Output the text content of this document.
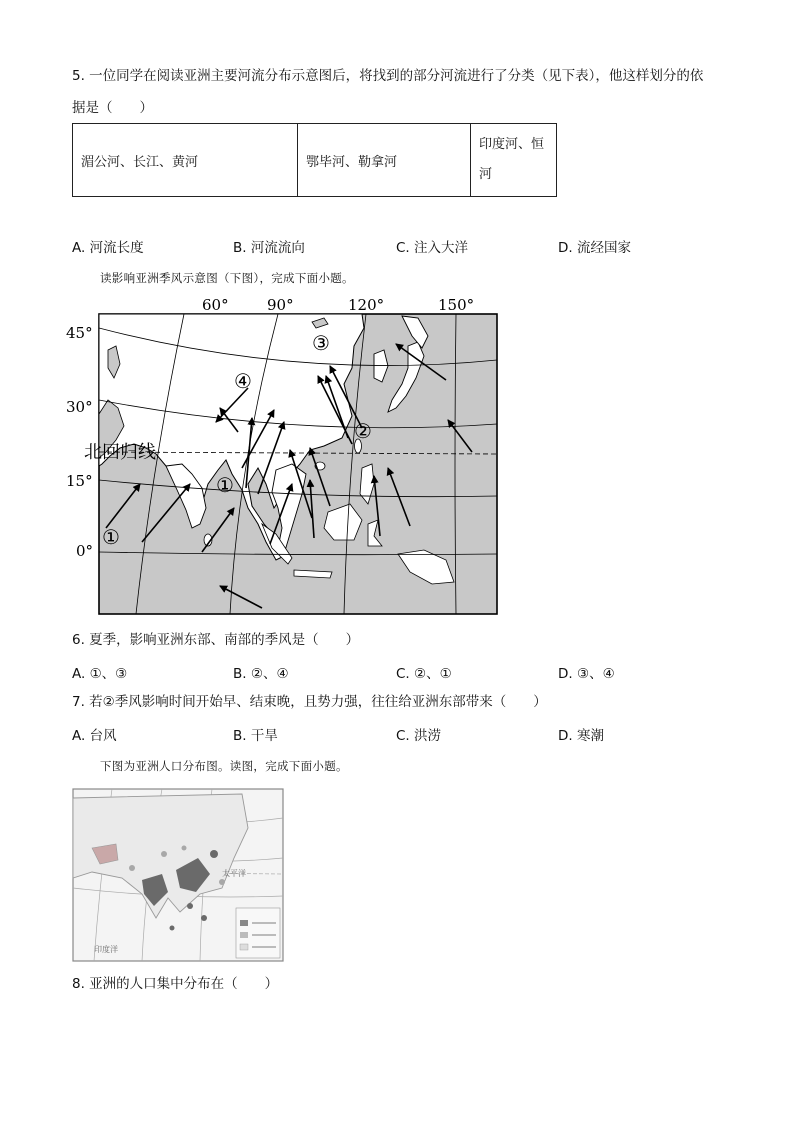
5. 一位同学在阅读亚洲主要河流分布示意图后，将找到的部分河流进行了分类（见下表），他这样划分的依
据是（　　）
湄公河、长江、黄河	鄂毕河、勒拿河	印度河、恒河
A. 河流长度	B. 河流流向	C. 注入大洋	D. 流经国家
读影响亚洲季风示意图（下图），完成下面小题。
60°	90°	120°	150°
45°
30°
15°
0°
北回归线
①
②
③
④
①
6. 夏季，影响亚洲东部、南部的季风是（　　）
A. ①、③	B. ②、④	C. ②、①	D. ③、④
7. 若②季风影响时间开始早、结束晚，且势力强，往往给亚洲东部带来（　　）
A. 台风	B. 干旱	C. 洪涝	D. 寒潮
下图为亚洲人口分布图。读图，完成下面小题。
太平洋
印度洋
8. 亚洲的人口集中分布在（　　）
